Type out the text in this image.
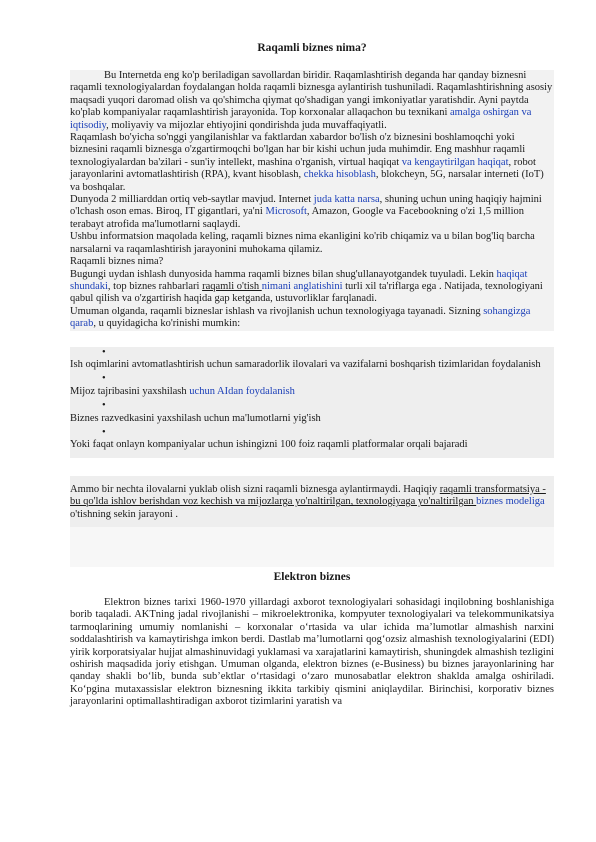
Raqamli biznes nima?

Bu Internetda eng ko'p beriladigan savollardan biridir. Raqamlashtirish deganda har qanday biznesni raqamli texnologiyalardan foydalangan holda raqamli biznesga aylantirish tushuniladi. Raqamlashtirishning asosiy maqsadi yuqori daromad olish va qo'shimcha qiymat qo'shadigan yangi imkoniyatlar yaratishdir. Ayni paytda ko'plab kompaniyalar raqamlashtirish jarayonida. Top korxonalar allaqachon bu texnikani amalga oshirgan va iqtisodiy, moliyaviy va mijozlar ehtiyojini qondirishda juda muvaffaqiyatli.

Raqamlash bo'yicha so'nggi yangilanishlar va faktlardan xabardor bo'lish o'z biznesini boshlamoqchi yoki biznesini raqamli biznesga o'zgartirmoqchi bo'lgan har bir kishi uchun juda muhimdir. Eng mashhur raqamli texnologiyalardan ba'zilari - sun'iy intellekt, mashina o'rganish, virtual haqiqat va kengaytirilgan haqiqat, robot jarayonlarini avtomatlashtirish (RPA), kvant hisoblash, chekka hisoblash, blokcheyn, 5G, narsalar interneti (IoT) va boshqalar.

Dunyoda 2 milliarddan ortiq veb-saytlar mavjud. Internet juda katta narsa, shuning uchun uning haqiqiy hajmini o'lchash oson emas. Biroq, IT gigantlari, ya'ni Microsoft, Amazon, Google va Facebookning o'zi 1,5 million terabayt atrofida ma'lumotlarni saqlaydi.

Ushbu informatsion maqolada keling, raqamli biznes nima ekanligini ko'rib chiqamiz va u bilan bog'liq barcha narsalarni va raqamlashtirish jarayonini muhokama qilamiz.

Raqamli biznes nima?

Bugungi uydan ishlash dunyosida hamma raqamli biznes bilan shug'ullanayotgandek tuyuladi. Lekin haqiqat shundaki, top biznes rahbarlari raqamli o'tish nimani anglatishini turli xil ta'riflarga ega . Natijada, texnologiyani qabul qilish va o'zgartirish haqida gap ketganda, ustuvorliklar farqlanadi.

Umuman olganda, raqamli bizneslar ishlash va rivojlanish uchun texnologiyaga tayanadi. Sizning sohangizga qarab, u quyidagicha ko'rinishi mumkin:

•
Ish oqimlarini avtomatlashtirish uchun samaradorlik ilovalari va vazifalarni boshqarish tizimlaridan foydalanish
•
Mijoz tajribasini yaxshilash uchun AIdan foydalanish
•
Biznes razvedkasini yaxshilash uchun ma'lumotlarni yig'ish
•
Yoki faqat onlayn kompaniyalar uchun ishingizni 100 foiz raqamli platformalar orqali bajaradi
Ammo bir nechta ilovalarni yuklab olish sizni raqamli biznesga aylantirmaydi. Haqiqiy raqamli transformatsiya - bu qo'lda ishlov berishdan voz kechish va mijozlarga yo'naltirilgan, texnologiyaga yo'naltirilgan biznes modeliga o'tishning sekin jarayoni .
Elektron biznes

Elektron biznes tarixi 1960-1970 yillardagi axborot texnologiyalari sohasidagi inqilobning boshlanishiga borib taqaladi. AKTning jadal rivojlanishi – mikroelektronika, kompyuter texnologiyalari va telekommunikatsiya tarmoqlarining umumiy nomlanishi – korxonalar o‘rtasida va ular ichida ma’lumotlar almashish narxini soddalashtirish va kamaytirishga imkon berdi. Dastlab ma’lumotlarni qog‘ozsiz almashish texnologiyalarini (EDI) yirik korporatsiyalar hujjat almashinuvidagi yuklamasi va xarajatlarini kamaytirish, shuningdek almashish tezligini oshirish maqsadida joriy etishgan. Umuman olganda, elektron biznes (e-Business) bu biznes jarayonlarining har qanday shakli bo‘lib, bunda sub’ektlar o‘rtasidagi o‘zaro munosabatlar elektron shaklda amalga oshiriladi. Ko‘pgina mutaxassislar elektron biznesning ikkita tarkibiy qismini aniqlaydilar. Birinchisi, korporativ biznes jarayonlarini optimallashtiradigan axborot tizimlarini yaratish va
